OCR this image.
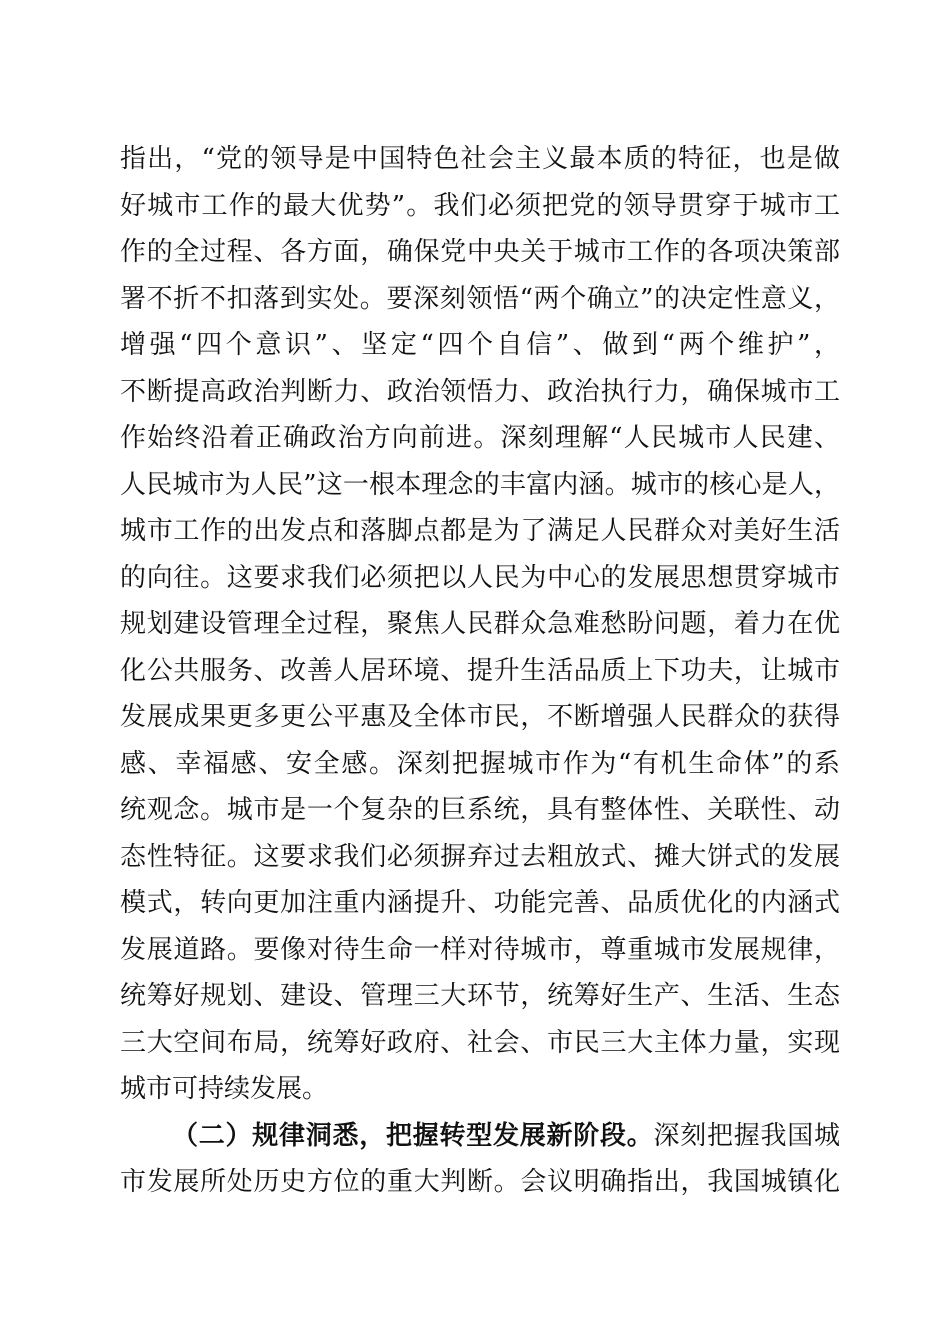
指出，“党的领导是中国特色社会主义最本质的特征，也是做
好城市工作的最大优势”。我们必须把党的领导贯穿于城市工
作的全过程、各方面，确保党中央关于城市工作的各项决策部
署不折不扣落到实处。要深刻领悟“两个确立”的决定性意义，
增强“四个意识”、坚定“四个自信”、做到“两个维护”，
不断提高政治判断力、政治领悟力、政治执行力，确保城市工
作始终沿着正确政治方向前进。深刻理解“人民城市人民建、
人民城市为人民”这一根本理念的丰富内涵。城市的核心是人，
城市工作的出发点和落脚点都是为了满足人民群众对美好生活
的向往。这要求我们必须把以人民为中心的发展思想贯穿城市
规划建设管理全过程，聚焦人民群众急难愁盼问题，着力在优
化公共服务、改善人居环境、提升生活品质上下功夫，让城市
发展成果更多更公平惠及全体市民，不断增强人民群众的获得
感、幸福感、安全感。深刻把握城市作为“有机生命体”的系
统观念。城市是一个复杂的巨系统，具有整体性、关联性、动
态性特征。这要求我们必须摒弃过去粗放式、摊大饼式的发展
模式，转向更加注重内涵提升、功能完善、品质优化的内涵式
发展道路。要像对待生命一样对待城市，尊重城市发展规律，
统筹好规划、建设、管理三大环节，统筹好生产、生活、生态
三大空间布局，统筹好政府、社会、市民三大主体力量，实现
城市可持续发展。
（二）规律洞悉，把握转型发展新阶段。深刻把握我国城
市发展所处历史方位的重大判断。会议明确指出，我国城镇化
